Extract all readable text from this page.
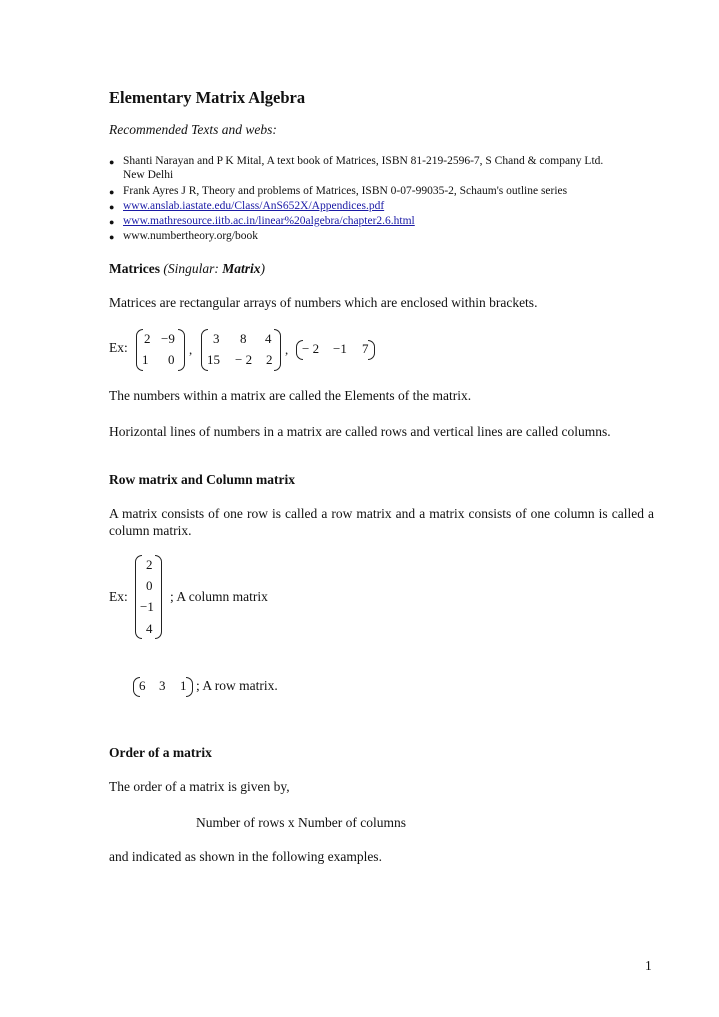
Elementary Matrix Algebra
Recommended Texts and webs:
● Shanti Narayan and P K Mital, A text book of Matrices, ISBN 81-219-2596-7, S Chand & company Ltd.
New Delhi
● Frank Ayres J R, Theory and problems of Matrices, ISBN 0-07-99035-2, Schaum's outline series
● www.anslab.iastate.edu/Class/AnS652X/Appendices.pdf
● www.mathresource.iitb.ac.in/linear%20algebra/chapter2.6.html
● www.numbertheory.org/book
Matrices (Singular: Matrix)
Matrices are rectangular arrays of numbers which are enclosed within brackets.
Ex:
2 −9
1 0
,
3 8 4
15 − 2 2
, − 2 −1 7
The numbers within a matrix are called the Elements of the matrix.
Horizontal lines of numbers in a matrix are called rows and vertical lines are called columns.
Row matrix and Column matrix
A matrix consists of one row is called a row matrix and a matrix consists of one column is called a column matrix.
Ex:
2
0
−1
4
; A column matrix
6 3 1 ; A row matrix.
Order of a matrix
The order of a matrix is given by,
Number of rows x Number of columns
and indicated as shown in the following examples.
1
